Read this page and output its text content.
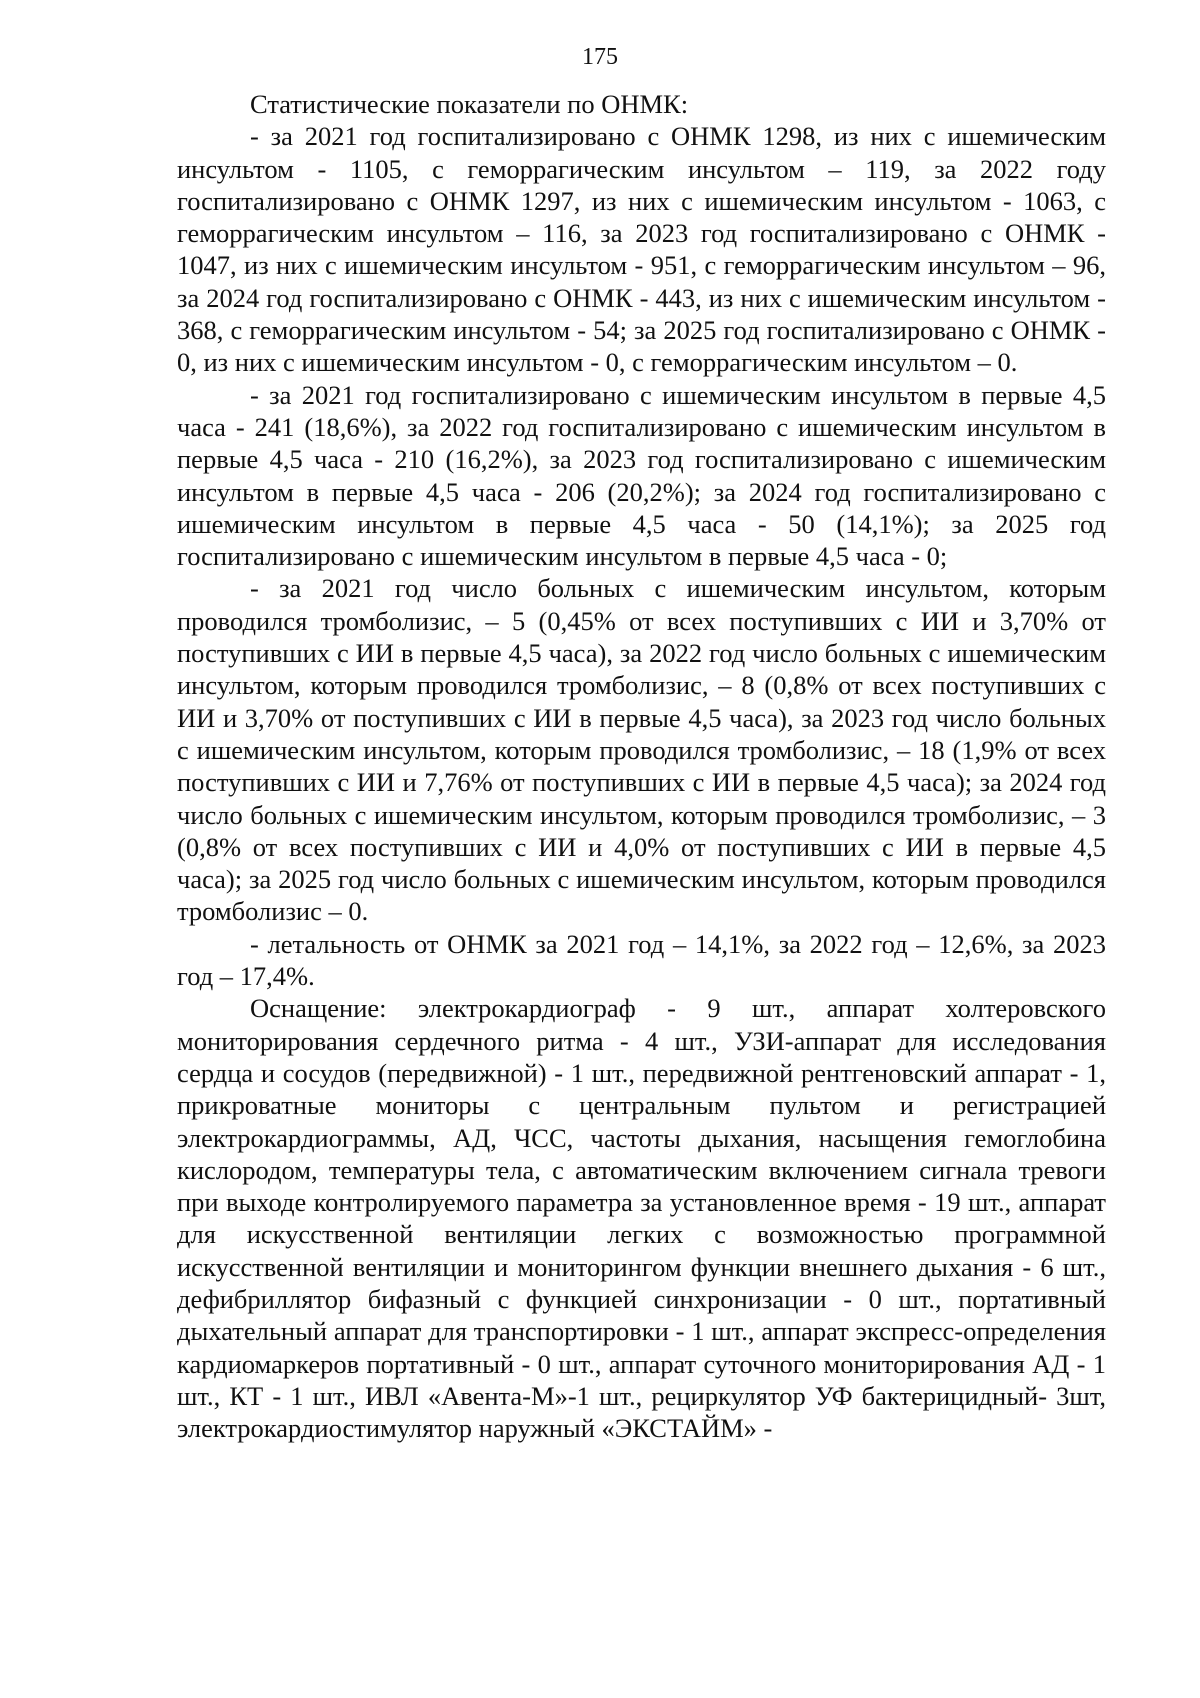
175

Статистические показатели по ОНМК:

- за 2021 год госпитализировано с ОНМК 1298, из них с ишемическим инсультом - 1105, с геморрагическим инсультом – 119, за 2022 году госпитализировано с ОНМК 1297, из них с ишемическим инсультом - 1063, с геморрагическим инсультом – 116, за 2023 год госпитализировано с ОНМК - 1047, из них с ишемическим инсультом - 951, с геморрагическим инсультом – 96, за 2024 год госпитализировано с ОНМК - 443, из них с ишемическим инсультом - 368, с геморрагическим инсультом - 54; за 2025 год госпитализировано с ОНМК - 0, из них с ишемическим инсультом - 0, с геморрагическим инсультом – 0.

- за 2021 год госпитализировано с ишемическим инсультом в первые 4,5 часа - 241 (18,6%), за 2022 год госпитализировано с ишемическим инсультом в первые 4,5 часа - 210 (16,2%), за 2023 год госпитализировано с ишемическим инсультом в первые 4,5 часа - 206 (20,2%); за 2024 год госпитализировано с ишемическим инсультом в первые 4,5 часа - 50 (14,1%); за 2025 год госпитализировано с ишемическим инсультом в первые 4,5 часа - 0;

- за 2021 год число больных с ишемическим инсультом, которым проводился тромболизис, – 5 (0,45% от всех поступивших с ИИ и 3,70% от поступивших с ИИ в первые 4,5 часа), за 2022 год число больных с ишемическим инсультом, которым проводился тромболизис, – 8 (0,8% от всех поступивших с ИИ и 3,70% от поступивших с ИИ в первые 4,5 часа), за 2023 год число больных с ишемическим инсультом, которым проводился тромболизис, – 18 (1,9% от всех поступивших с ИИ и 7,76% от поступивших с ИИ в первые 4,5 часа); за 2024 год число больных с ишемическим инсультом, которым проводился тромболизис, – 3 (0,8% от всех поступивших с ИИ и 4,0% от поступивших с ИИ в первые 4,5 часа); за 2025 год число больных с ишемическим инсультом, которым проводился тромболизис – 0.

- летальность от ОНМК за 2021 год – 14,1%, за 2022 год – 12,6%, за 2023 год – 17,4%.

Оснащение: электрокардиограф - 9 шт., аппарат холтеровского мониторирования сердечного ритма - 4 шт., УЗИ-аппарат для исследования сердца и сосудов (передвижной) - 1 шт., передвижной рентгеновский аппарат - 1, прикроватные мониторы с центральным пультом и регистрацией электрокардиограммы, АД, ЧСС, частоты дыхания, насыщения гемоглобина кислородом, температуры тела, с автоматическим включением сигнала тревоги при выходе контролируемого параметра за установленное время - 19 шт., аппарат для искусственной вентиляции легких с возможностью программной искусственной вентиляции и мониторингом функции внешнего дыхания - 6 шт., дефибриллятор бифазный с функцией синхронизации - 0 шт., портативный дыхательный аппарат для транспортировки - 1 шт., аппарат экспресс-определения кардиомаркеров портативный - 0 шт., аппарат суточного мониторирования АД - 1 шт., КТ - 1 шт., ИВЛ «Авента-М»-1 шт., рециркулятор УФ бактерицидный- 3шт, электрокардиостимулятор наружный «ЭКСТАЙМ» -
